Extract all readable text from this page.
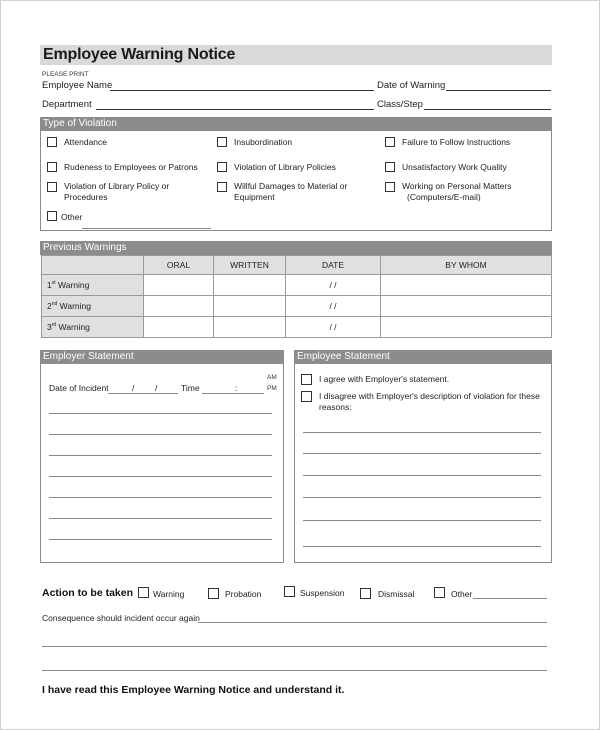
Employee Warning Notice
PLEASE PRINT
Employee Name	Date of Warning
Department	Class/Step
Type of Violation
Attendance	Insubordination	Failure to Follow Instructions
Rudeness to Employees or Patrons	Violation of Library Policies	Unsatisfactory Work Quality
Violation of Library Policy or
Procedures
Willful Damages to Material or
Equipment
Working on Personal Matters
(Computers/E-mail)
Other
Previous Warnings
	ORAL	WRITTEN	DATE	BY WHOM
1st Warning			/ /	
2nd Warning			/ /	
3rd Warning			/ /	
Employer Statement
Date of Incident	/ /	Time	:
AM
PM
Employee Statement
I agree with Employer's statement.
I disagree with Employer's description of violation for these
reasons:
Action to be taken Warning	Probation	Suspension	Dismissal	Other
Consequence should incident occur again
I have read this Employee Warning Notice and understand it.
